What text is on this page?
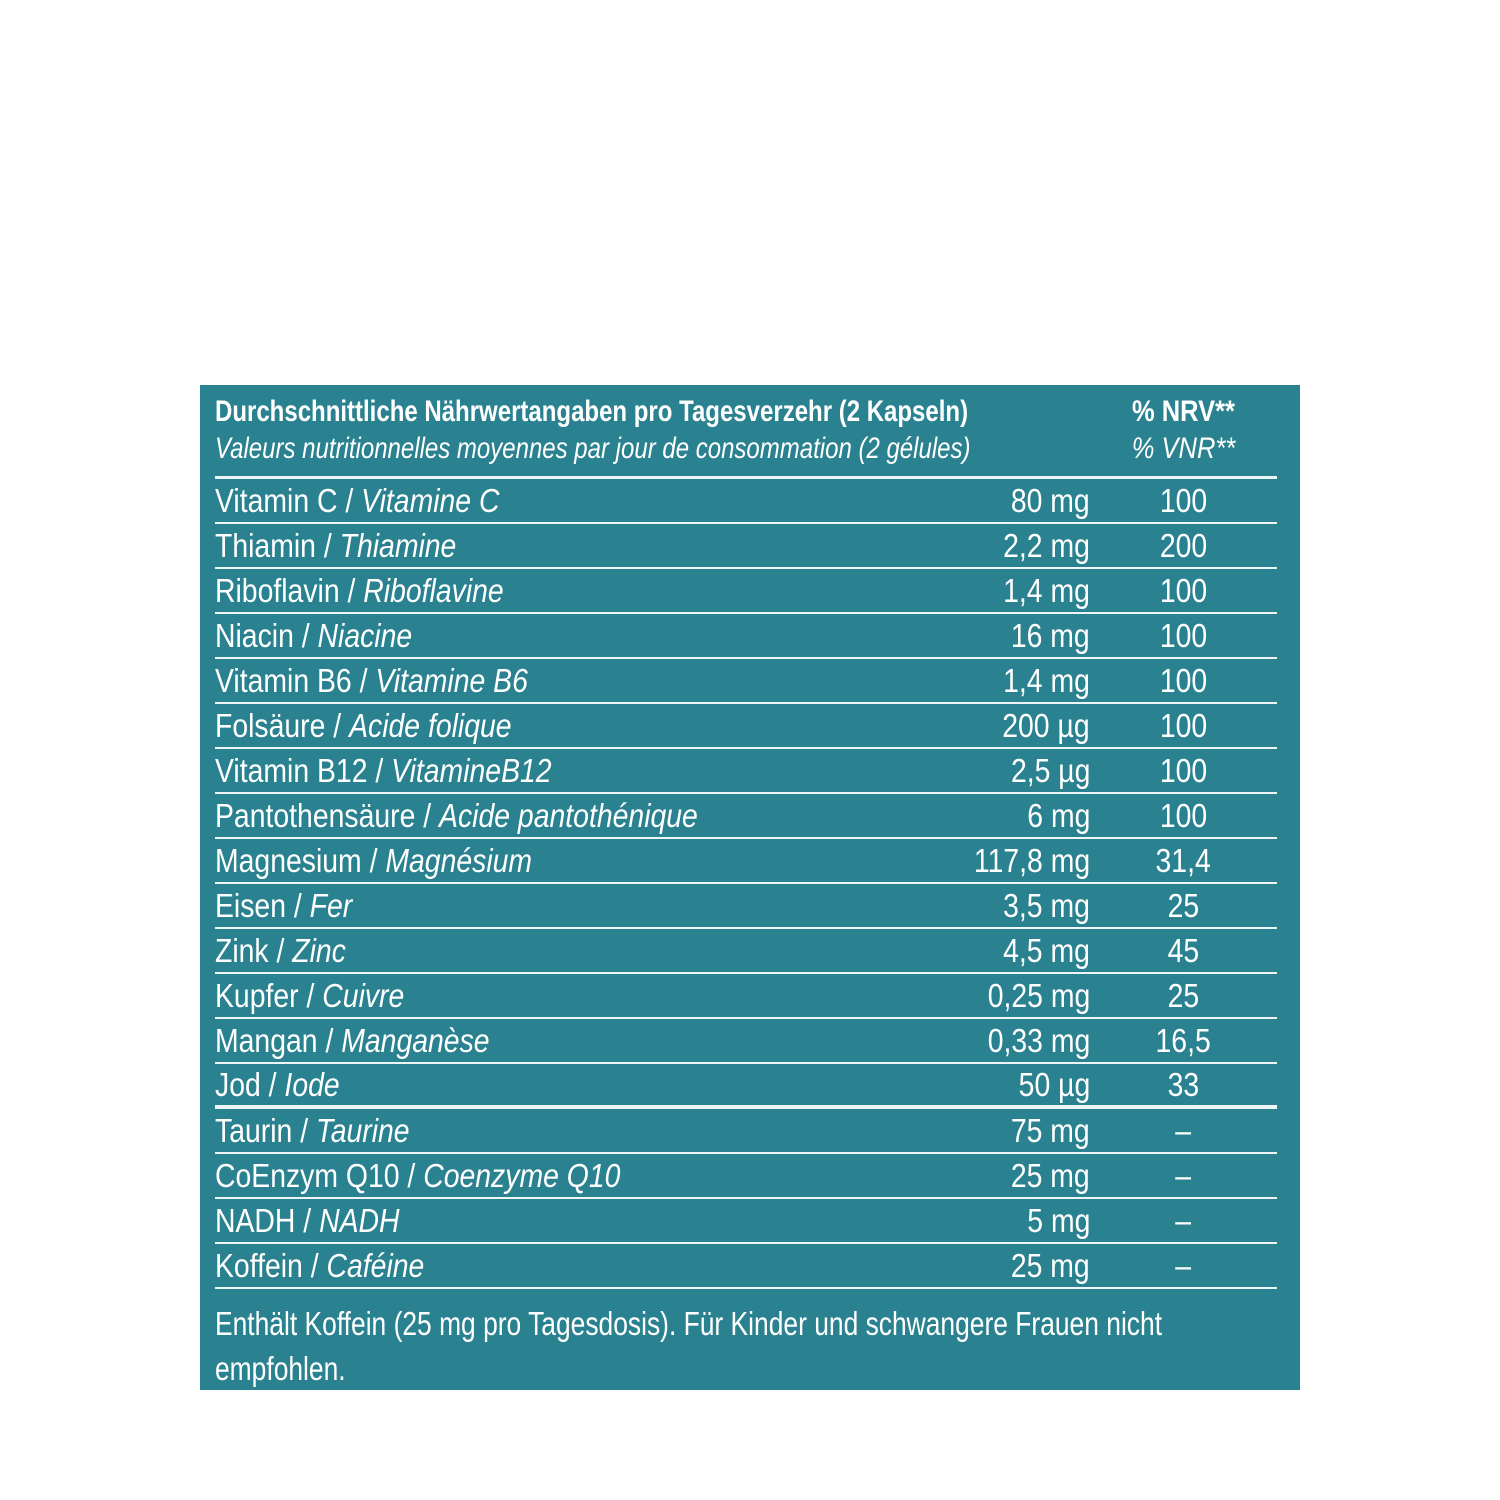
Durchschnittliche Nährwertangaben pro Tagesverzehr (2 Kapseln)
Valeurs nutritionnelles moyennes par jour de consommation (2 gélules)
% NRV**
% VNR**
Vitamin C / Vitamine C	80 mg	100
Thiamin / Thiamine	2,2 mg	200
Riboflavin / Riboflavine	1,4 mg	100
Niacin / Niacine	16 mg	100
Vitamin B6 / Vitamine B6	1,4 mg	100
Folsäure / Acide folique	200 µg	100
Vitamin B12 / VitamineB12	2,5 µg	100
Pantothensäure / Acide pantothénique	6 mg	100
Magnesium / Magnésium	117,8 mg	31,4
Eisen / Fer	3,5 mg	25
Zink / Zinc	4,5 mg	45
Kupfer / Cuivre	0,25 mg	25
Mangan / Manganèse	0,33 mg	16,5
Jod / Iode	50 µg	33
Taurin / Taurine	75 mg	–
CoEnzym Q10 / Coenzyme Q10	25 mg	–
NADH / NADH	5 mg	–
Koffein / Caféine	25 mg	–
Enthält Koffein (25 mg pro Tagesdosis). Für Kinder und schwangere Frauen nicht
empfohlen.
